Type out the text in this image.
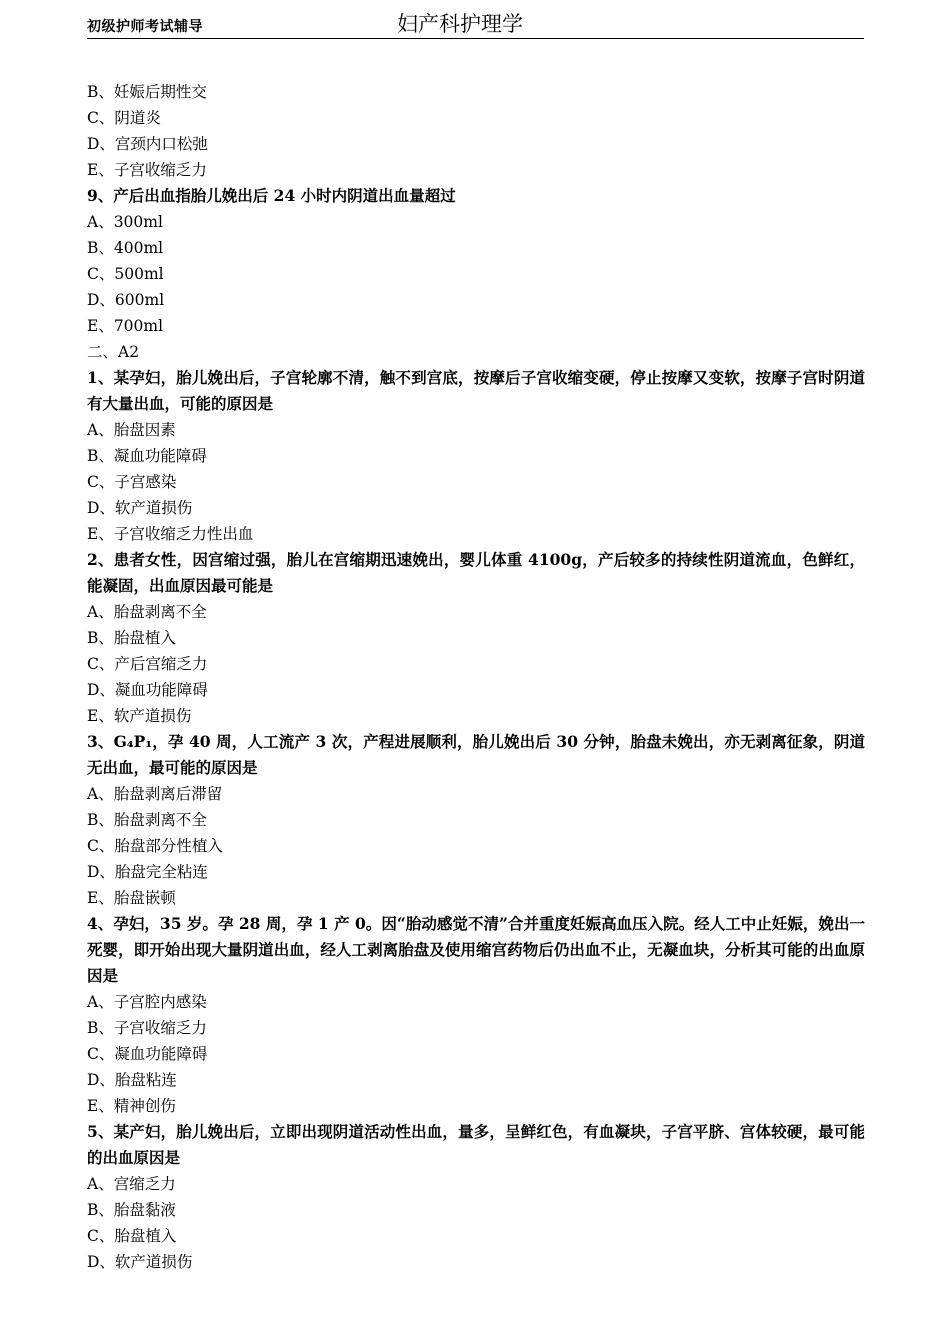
初级护师考试辅导	妇产科护理学
B、妊娠后期性交
C、阴道炎
D、宫颈内口松弛
E、子宫收缩乏力
9、产后出血指胎儿娩出后 24 小时内阴道出血量超过
A、300ml
B、400ml
C、500ml
D、600ml
E、700ml
二、A2
1、某孕妇，胎儿娩出后，子宫轮廓不清，触不到宫底，按摩后子宫收缩变硬，停止按摩又变软，按摩子宫时阴道有大量出血，可能的原因是
A、胎盘因素
B、凝血功能障碍
C、子宫感染
D、软产道损伤
E、子宫收缩乏力性出血
2、患者女性，因宫缩过强，胎儿在宫缩期迅速娩出，婴儿体重 4100g，产后较多的持续性阴道流血，色鲜红，能凝固，出血原因最可能是
A、胎盘剥离不全
B、胎盘植入
C、产后宫缩乏力
D、凝血功能障碍
E、软产道损伤
3、G₄P₁，孕 40 周，人工流产 3 次，产程进展顺利，胎儿娩出后 30 分钟，胎盘未娩出，亦无剥离征象，阴道无出血，最可能的原因是
A、胎盘剥离后滞留
B、胎盘剥离不全
C、胎盘部分性植入
D、胎盘完全粘连
E、胎盘嵌顿
4、孕妇，35 岁。孕 28 周，孕 1 产 0。因“胎动感觉不清”合并重度妊娠高血压入院。经人工中止妊娠，娩出一死婴，即开始出现大量阴道出血，经人工剥离胎盘及使用缩宫药物后仍出血不止，无凝血块，分析其可能的出血原因是
A、子宫腔内感染
B、子宫收缩乏力
C、凝血功能障碍
D、胎盘粘连
E、精神创伤
5、某产妇，胎儿娩出后，立即出现阴道活动性出血，量多，呈鲜红色，有血凝块，子宫平脐、宫体较硬，最可能的出血原因是
A、宫缩乏力
B、胎盘黏液
C、胎盘植入
D、软产道损伤
